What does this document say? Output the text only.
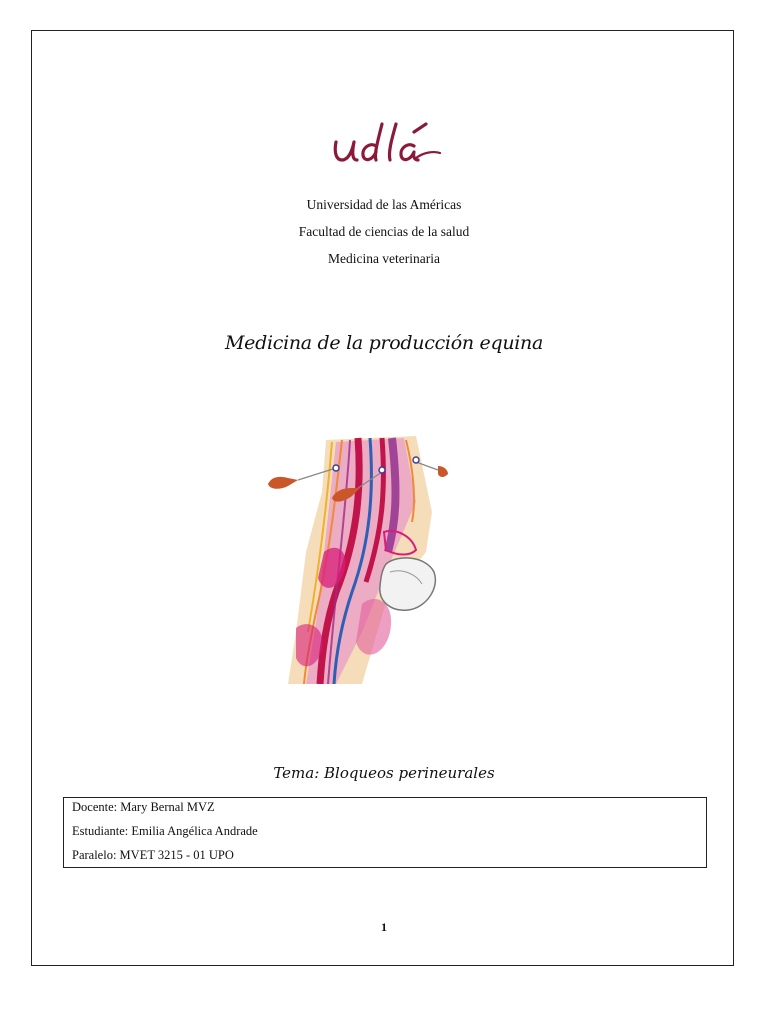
Universidad de las Américas
Facultad de ciencias de la salud
Medicina veterinaria
Medicina de la producción equina
Tema: Bloqueos perineurales
Docente: Mary Bernal MVZ
Estudiante: Emilia Angélica Andrade
Paralelo: MVET 3215 - 01 UPO
1
